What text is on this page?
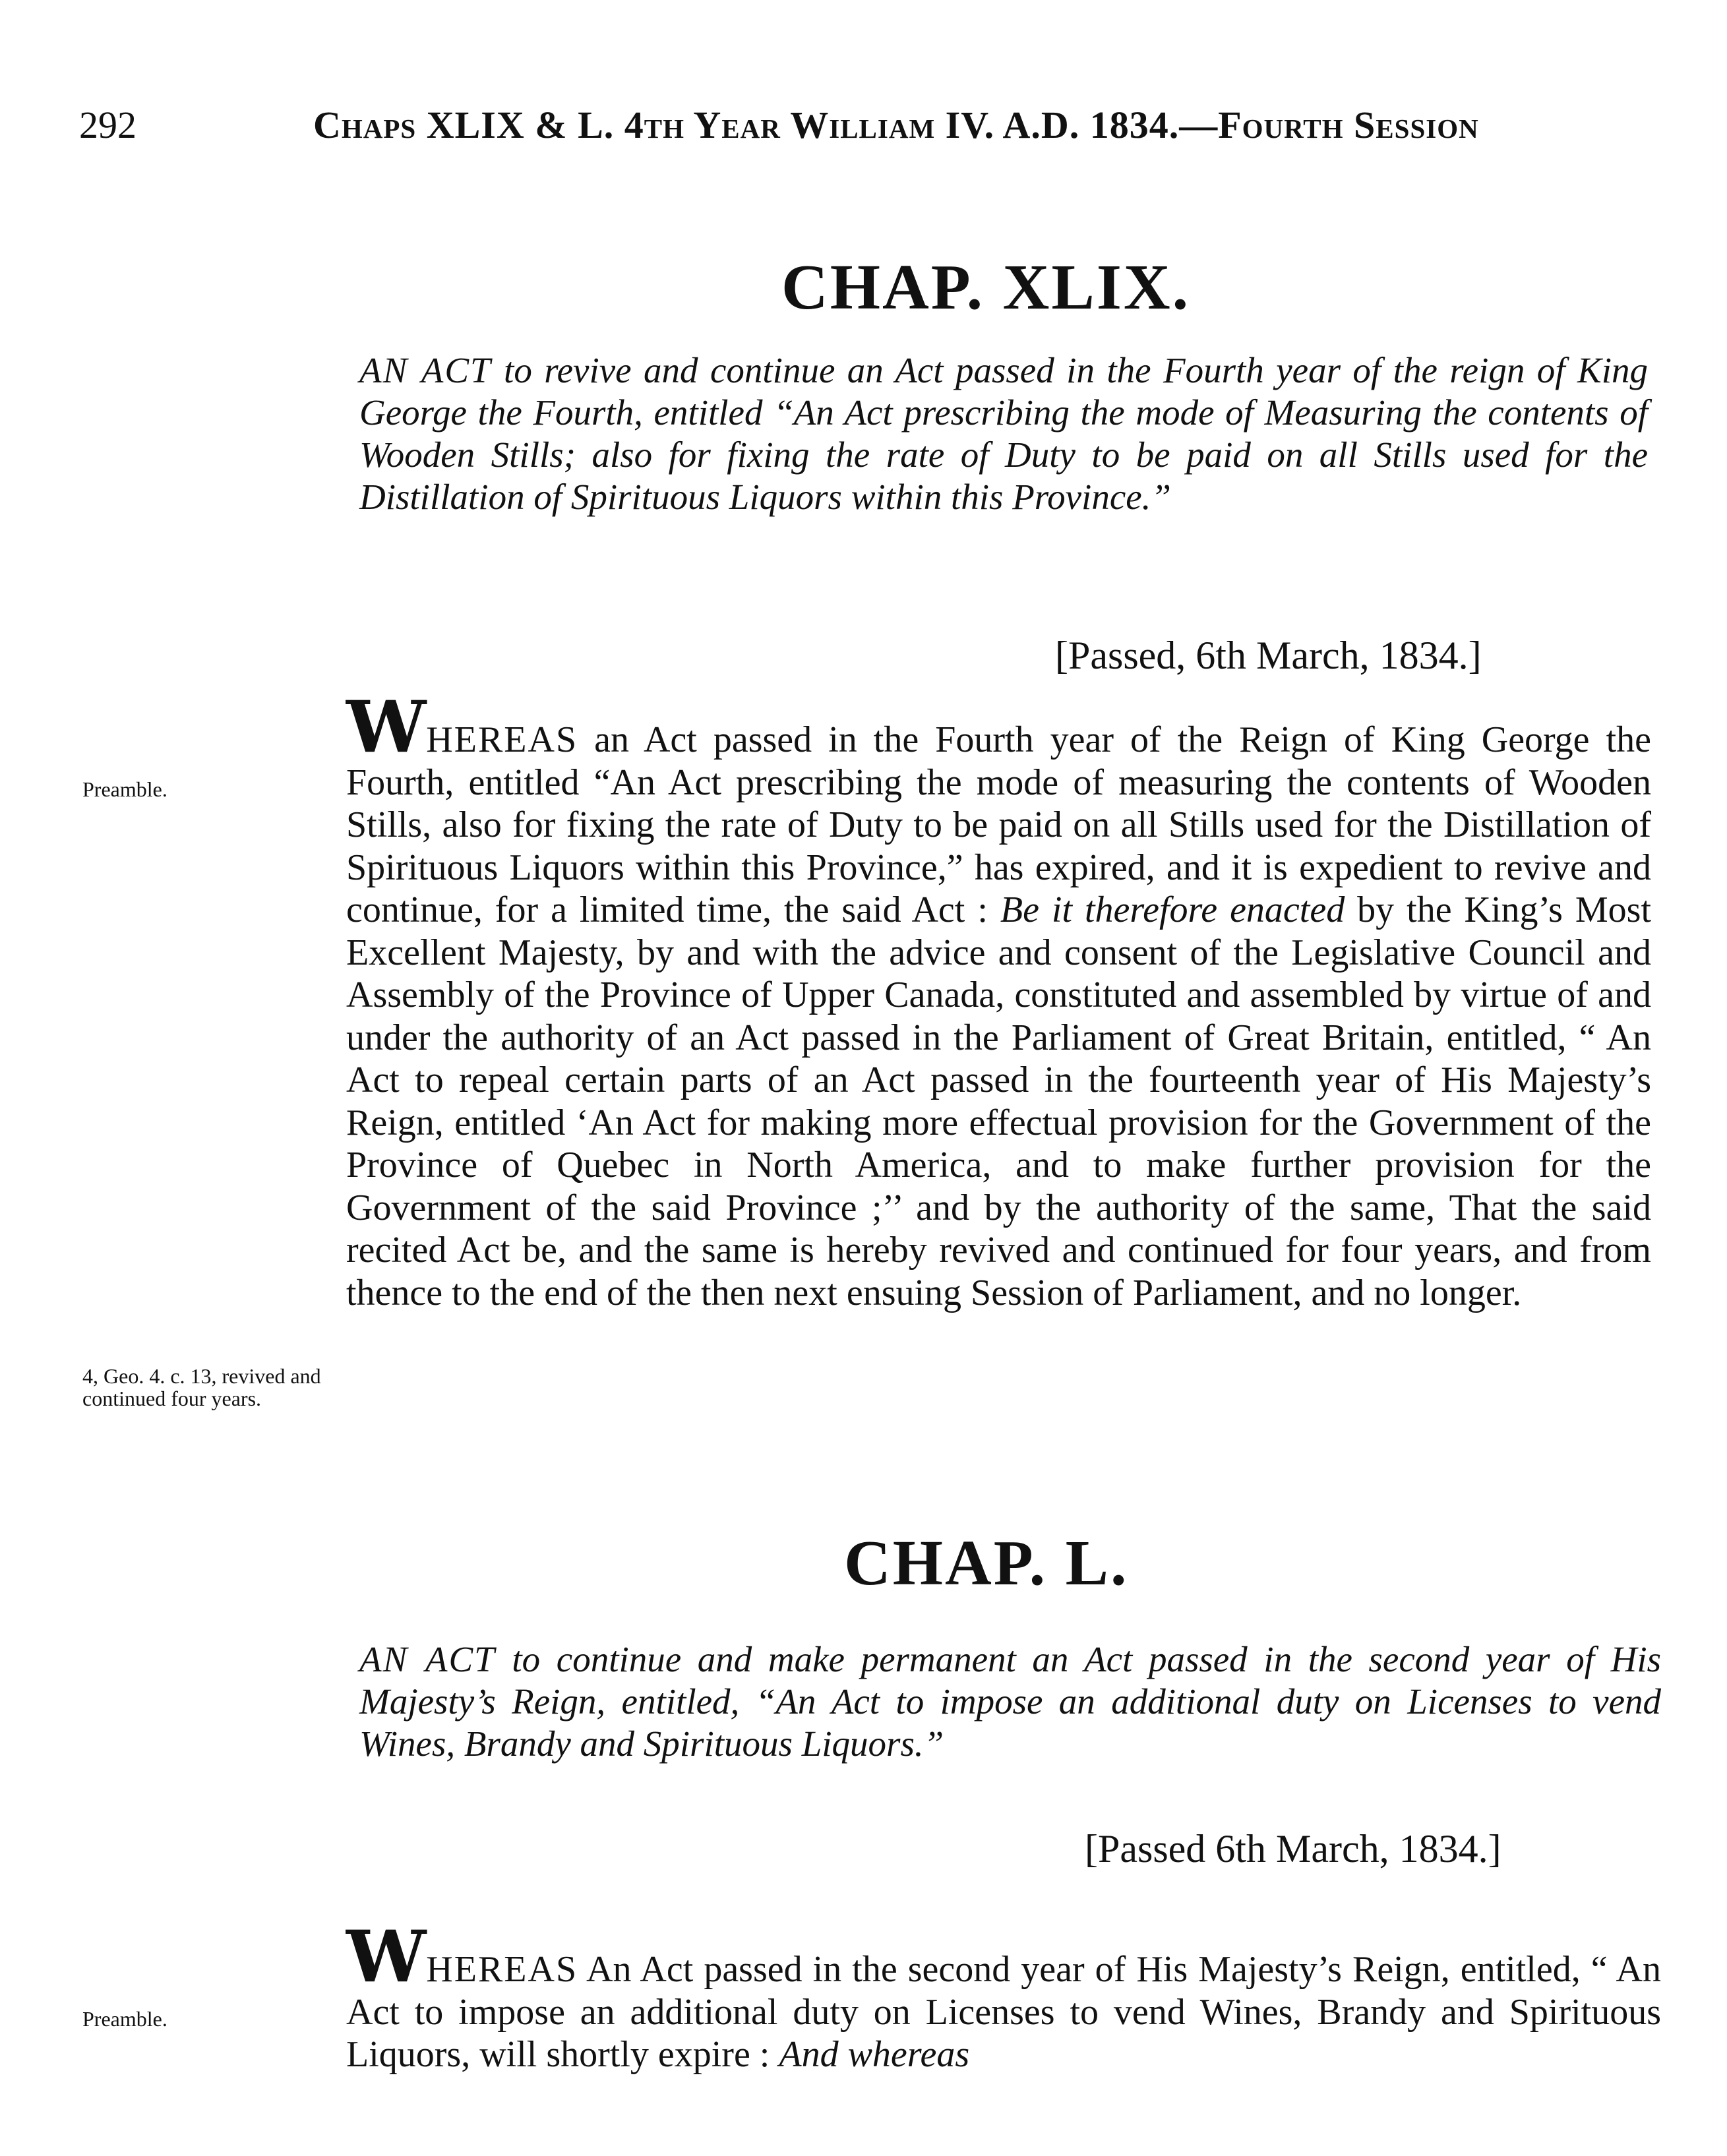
292	Chaps XLIX & L. 4th Year William IV. A.D. 1834.—Fourth Session
CHAP. XLIX.
AN ACT to revive and continue an Act passed in the Fourth year of the reign of King George the Fourth, entitled “An Act prescribing the mode of Measuring the contents of Wooden Stills; also for fixing the rate of Duty to be paid on all Stills used for the Distillation of Spirituous Liquors within this Province.”
[Passed, 6th March, 1834.]
Preamble.
WHEREAS an Act passed in the Fourth year of the Reign of King George the Fourth, entitled “An Act prescribing the mode of measuring the contents of Wooden Stills, also for fixing the rate of Duty to be paid on all Stills used for the Distillation of Spirituous Liquors within this Province,” has expired, and it is expedient to revive and continue, for a limited time, the said Act : Be it therefore enacted by the King’s Most Excellent Majesty, by and with the advice and consent of the Legislative Council and Assembly of the Province of Upper Canada, constituted and assembled by virtue of and under the authority of an Act passed in the Parliament of Great Britain, entitled, “ An Act to repeal certain parts of an Act passed in the fourteenth year of His Majesty’s Reign, entitled ‘An Act for making more effectual provision for the Government of the Province of Quebec in North America, and to make further provision for the Government of the said Province ;’’ and by the authority of the same, That the said recited Act be, and the same is hereby revived and continued for four years, and from thence to the end of the then next ensuing Session of Parliament, and no longer.
4, Geo. 4. c. 13, revived and continued four years.
CHAP. L.
AN ACT to continue and make permanent an Act passed in the second year of His Majesty’s Reign, entitled, “An Act to impose an additional duty on Licenses to vend Wines, Brandy and Spirituous Liquors.”
[Passed 6th March, 1834.]
Preamble.
WHEREAS An Act passed in the second year of His Majesty’s Reign, entitled, “ An Act to impose an additional duty on Licenses to vend Wines, Brandy and Spirituous Liquors, will shortly expire : And whereas
